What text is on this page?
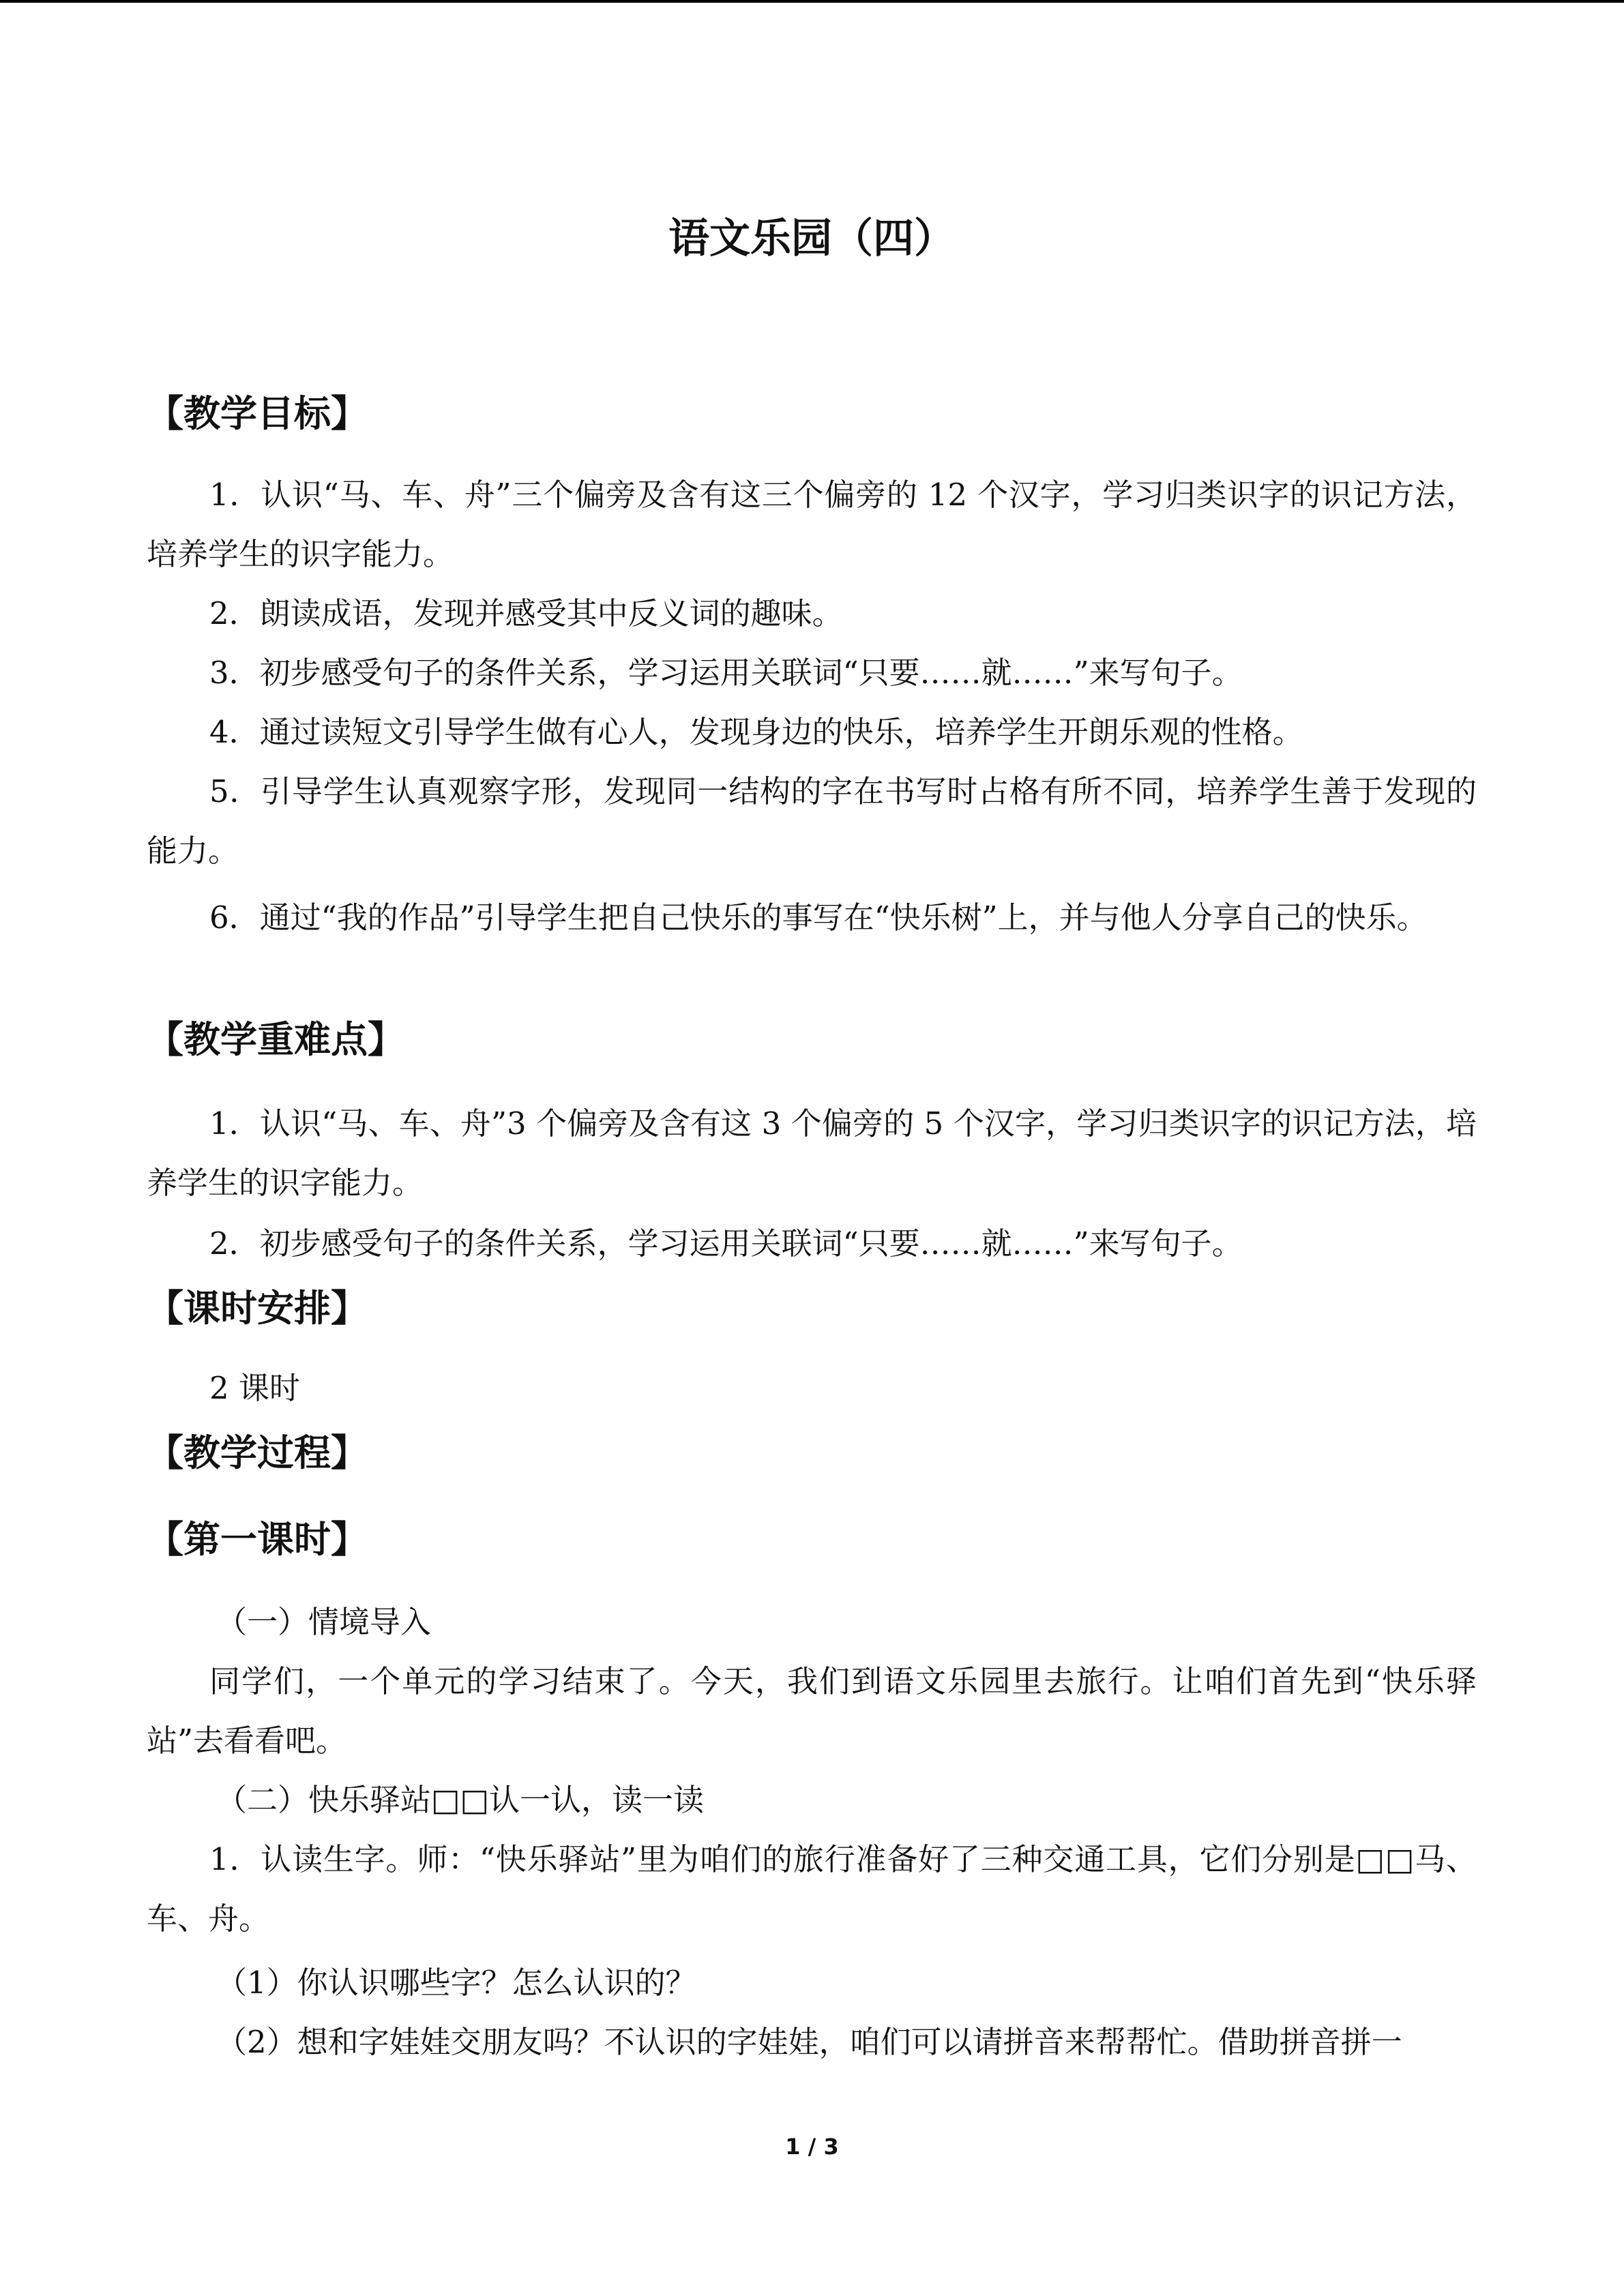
语文乐园（四）
【教学目标】
1．认识“马、车、舟”三个偏旁及含有这三个偏旁的 12 个汉字，学习归类识字的识记方法，培养学生的识字能力。
2．朗读成语，发现并感受其中反义词的趣味。
3．初步感受句子的条件关系，学习运用关联词“只要……就……”来写句子。
4．通过读短文引导学生做有心人，发现身边的快乐，培养学生开朗乐观的性格。
5．引导学生认真观察字形，发现同一结构的字在书写时占格有所不同，培养学生善于发现的能力。
6．通过“我的作品”引导学生把自己快乐的事写在“快乐树”上，并与他人分享自己的快乐。
【教学重难点】
1．认识“马、车、舟”3 个偏旁及含有这 3 个偏旁的 5 个汉字，学习归类识字的识记方法，培养学生的识字能力。
2．初步感受句子的条件关系，学习运用关联词“只要……就……”来写句子。
【课时安排】
2 课时
【教学过程】
【第一课时】
（一）情境导入
同学们，一个单元的学习结束了。今天，我们到语文乐园里去旅行。让咱们首先到“快乐驿站”去看看吧。
（二）快乐驿站□□认一认，读一读
1．认读生字。师：“快乐驿站”里为咱们的旅行准备好了三种交通工具，它们分别是□□马、车、舟。
（1）你认识哪些字？怎么认识的？
（2）想和字娃娃交朋友吗？不认识的字娃娃，咱们可以请拼音来帮帮忙。借助拼音拼一
1 / 3
